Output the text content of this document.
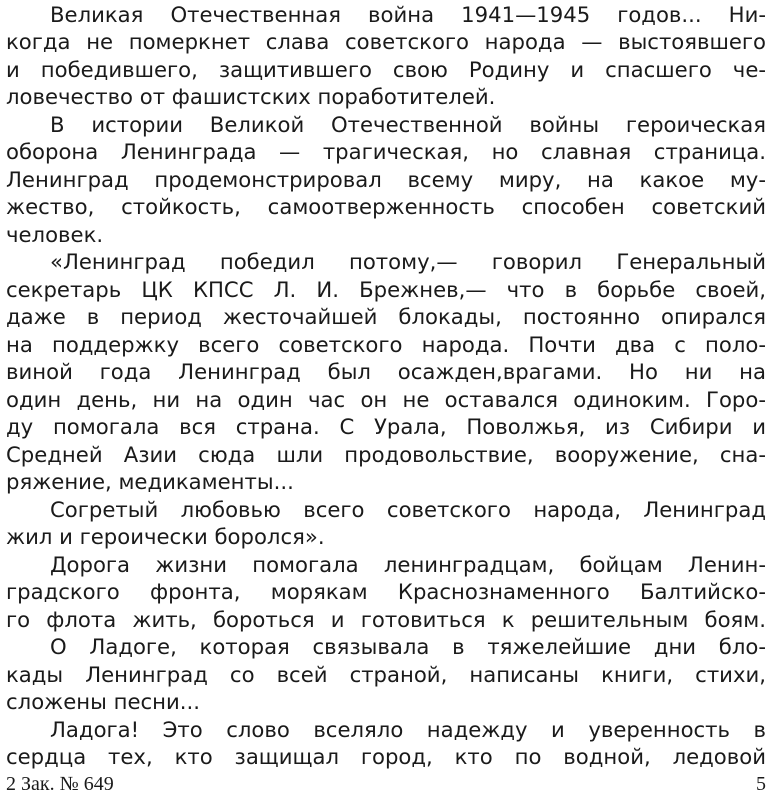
Великая Отечественная война 1941—1945 годов... Ни-
когда не померкнет слава советского народа — выстоявшего
и победившего, защитившего свою Родину и спасшего че-
ловечество от фашистских поработителей.
В истории Великой Отечественной войны героическая
оборона Ленинграда — трагическая, но славная страница.
Ленинград продемонстрировал всему миру, на какое му-
жество, стойкость, самоотверженность способен советский
человек.
«Ленинград победил потому,— говорил Генеральный
секретарь ЦК КПСС Л. И. Брежнев,— что в борьбе своей,
даже в период жесточайшей блокады, постоянно опирался
на поддержку всего советского народа. Почти два с поло-
виной года Ленинград был осажден,врагами. Но ни на
один день, ни на один час он не оставался одиноким. Горо-
ду помогала вся страна. С Урала, Поволжья, из Сибири и
Средней Азии сюда шли продовольствие, вооружение, сна-
ряжение, медикаменты...
Согретый любовью всего советского народа, Ленинград
жил и героически боролся».
Дорога жизни помогала ленинградцам, бойцам Ленин-
градского фронта, морякам Краснознаменного Балтийско-
го флота жить, бороться и готовиться к решительным боям.
О Ладоге, которая связывала в тяжелейшие дни бло-
кады Ленинград со всей страной, написаны книги, стихи,
сложены песни...
Ладога! Это слово вселяло надежду и уверенность в
сердца тех, кто защищал город, кто по водной, ледовой
2 Зак. № 649	5
